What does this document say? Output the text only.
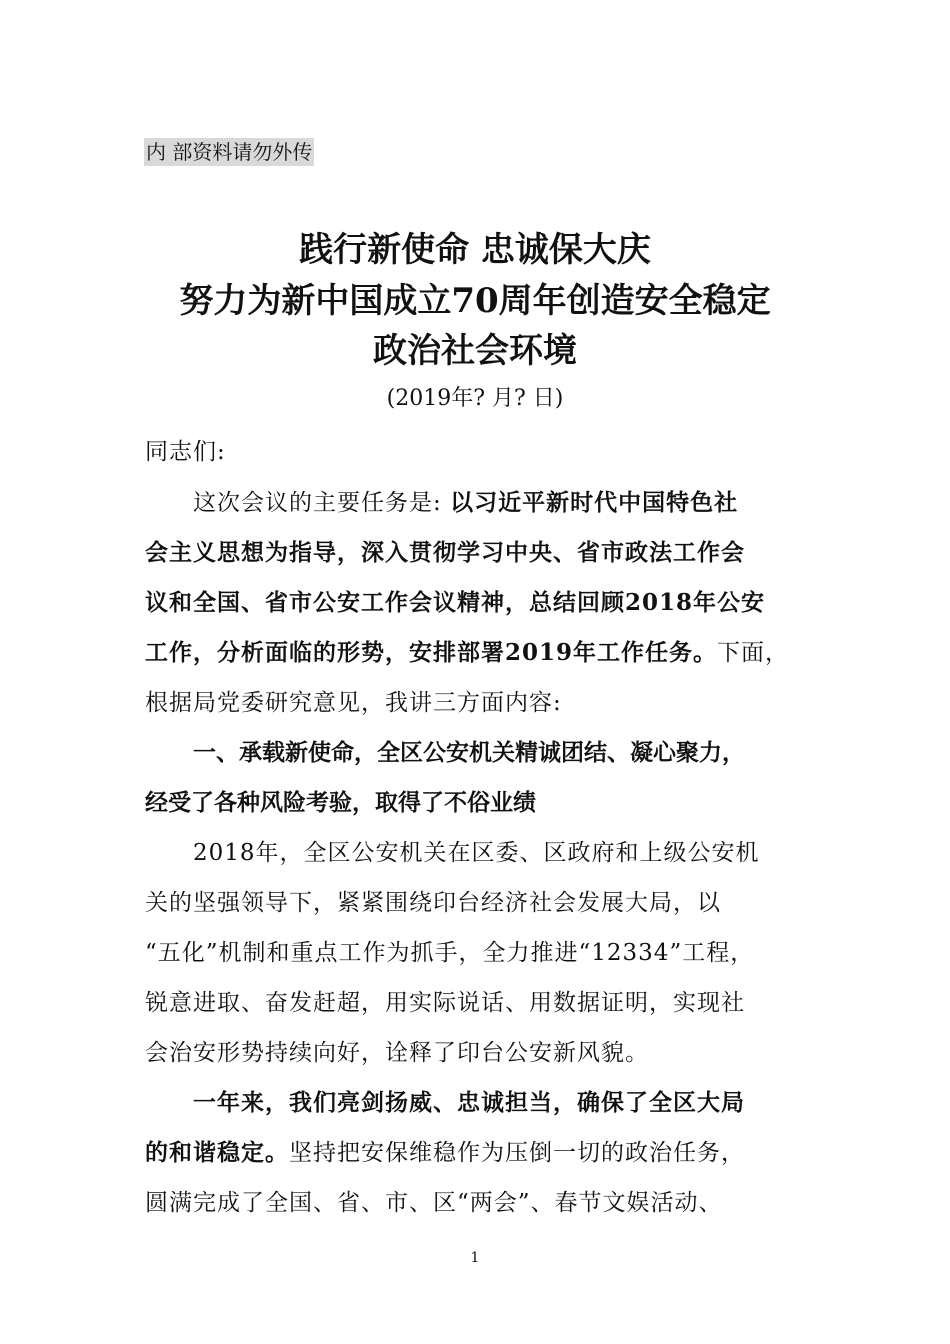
内 部资料请勿外传
践行新使命 忠诚保大庆
努力为新中国成立70周年创造安全稳定
政治社会环境
(2019年? 月? 日)
同志们:
这次会议的主要任务是: 以习近平新时代中国特色社
会主义思想为指导，深入贯彻学习中央、省市政法工作会
议和全国、省市公安工作会议精神，总结回顾2018年公安
工作，分析面临的形势，安排部署2019年工作任务。下面，
根据局党委研究意见，我讲三方面内容:
一、承载新使命，全区公安机关精诚团结、凝心聚力，
经受了各种风险考验，取得了不俗业绩
2018年，全区公安机关在区委、区政府和上级公安机
关的坚强领导下，紧紧围绕印台经济社会发展大局，以
“五化”机制和重点工作为抓手，全力推进“12334”工程，
锐意进取、奋发赶超，用实际说话、用数据证明，实现社
会治安形势持续向好，诠释了印台公安新风貌。
一年来，我们亮剑扬威、忠诚担当，确保了全区大局
的和谐稳定。坚持把安保维稳作为压倒一切的政治任务，
圆满完成了全国、省、市、区“两会”、春节文娱活动、
1
